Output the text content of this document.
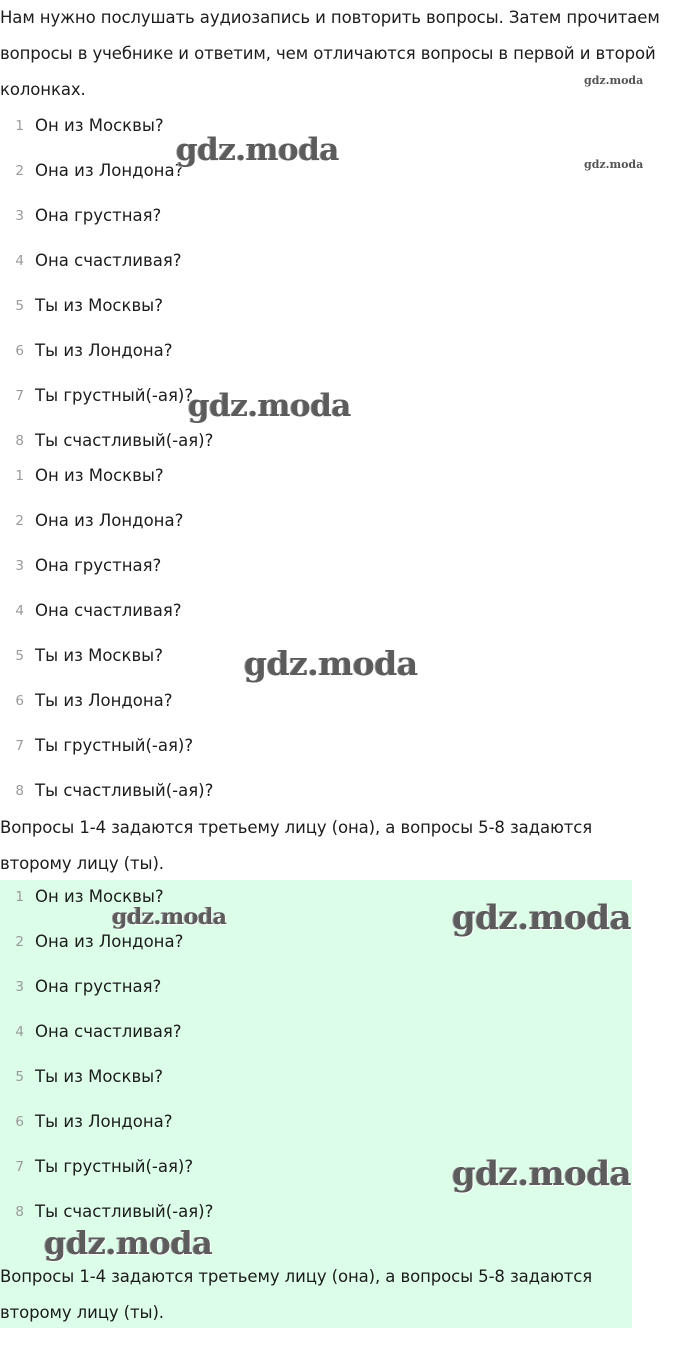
Нам нужно послушать аудиозапись и повторить вопросы. Затем прочитаем вопросы в учебнике и ответим, чем отличаются вопросы в первой и второй колонках.

1 Он из Москвы?
2 Она из Лондона?
3 Она грустная?
4 Она счастливая?
5 Ты из Москвы?
6 Ты из Лондона?
7 Ты грустный(-ая)?
8 Ты счастливый(-ая)?
1 Он из Москвы?
2 Она из Лондона?
3 Она грустная?
4 Она счастливая?
5 Ты из Москвы?
6 Ты из Лондона?
7 Ты грустный(-ая)?
8 Ты счастливый(-ая)?

Вопросы 1-4 задаются третьему лицу (она), а вопросы 5-8 задаются второму лицу (ты).

1 Он из Москвы?
2 Она из Лондона?
3 Она грустная?
4 Она счастливая?
5 Ты из Москвы?
6 Ты из Лондона?
7 Ты грустный(-ая)?
8 Ты счастливый(-ая)?

Вопросы 1-4 задаются третьему лицу (она), а вопросы 5-8 задаются второму лицу (ты).

gdz.moda
gdz.moda
gdz.moda
gdz.moda
gdz.moda
gdz.moda	gdz.moda
gdz.moda
gdz.moda
